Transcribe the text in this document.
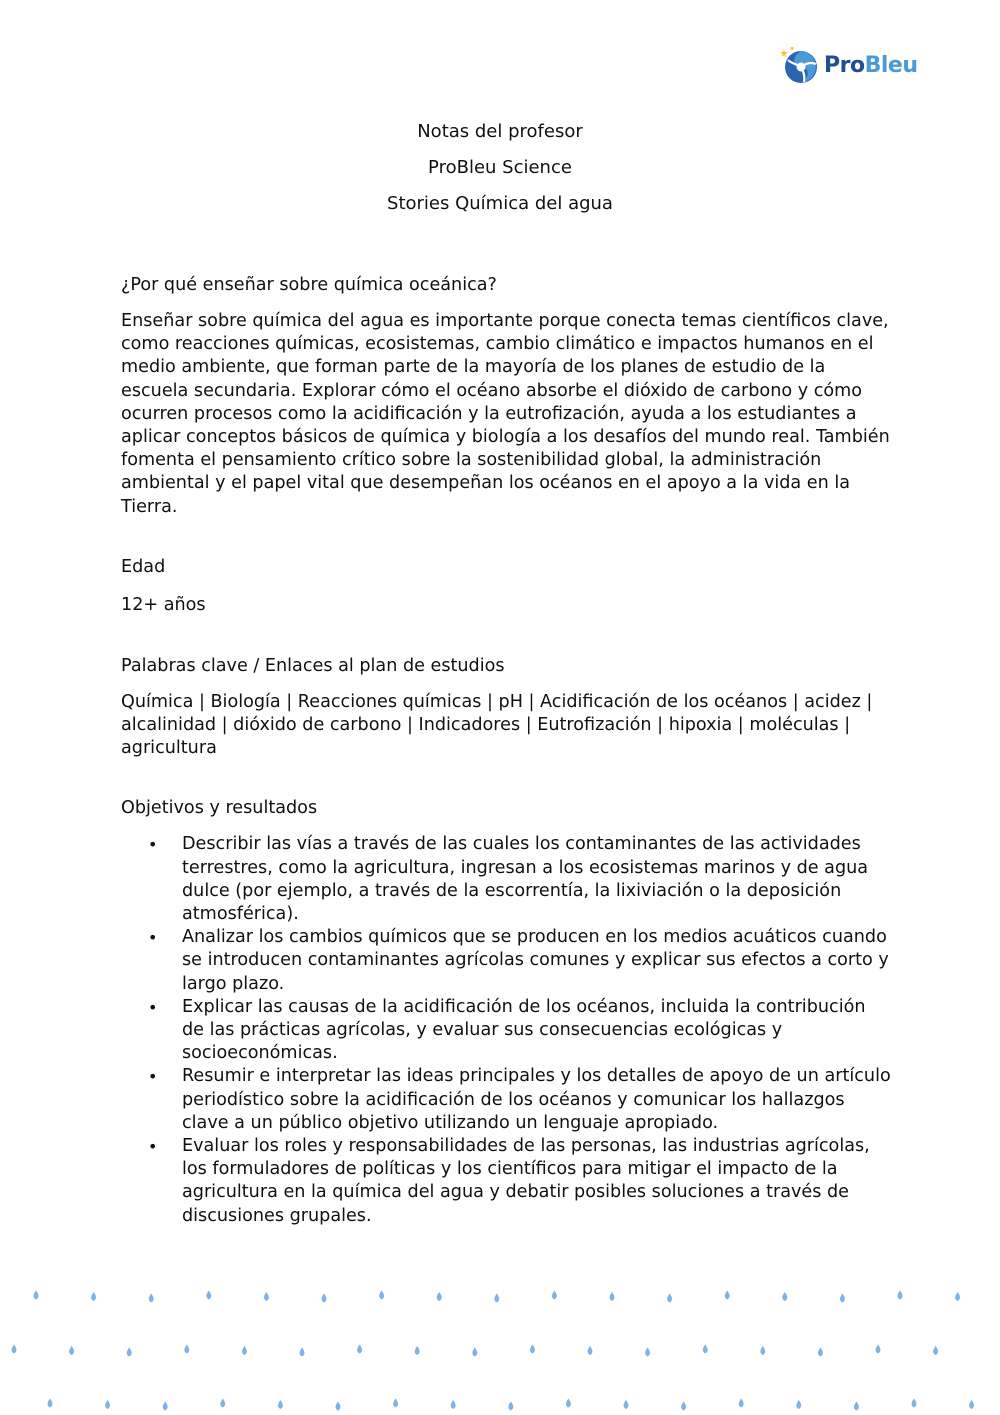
ProBleu
Notas del profesor
ProBleu Science
Stories Química del agua

¿Por qué enseñar sobre química oceánica?

Enseñar sobre química del agua es importante porque conecta temas científicos clave, como reacciones químicas, ecosistemas, cambio climático e impactos humanos en el medio ambiente, que forman parte de la mayoría de los planes de estudio de la escuela secundaria. Explorar cómo el océano absorbe el dióxido de carbono y cómo ocurren procesos como la acidificación y la eutrofización, ayuda a los estudiantes a aplicar conceptos básicos de química y biología a los desafíos del mundo real. También fomenta el pensamiento crítico sobre la sostenibilidad global, la administración ambiental y el papel vital que desempeñan los océanos en el apoyo a la vida en la Tierra.

Edad

12+ años

Palabras clave / Enlaces al plan de estudios

Química | Biología | Reacciones químicas | pH | Acidificación de los océanos | acidez | alcalinidad | dióxido de carbono | Indicadores | Eutrofización | hipoxia | moléculas | agricultura

Objetivos y resultados

• Describir las vías a través de las cuales los contaminantes de las actividades terrestres, como la agricultura, ingresan a los ecosistemas marinos y de agua dulce (por ejemplo, a través de la escorrentía, la lixiviación o la deposición atmosférica).
• Analizar los cambios químicos que se producen en los medios acuáticos cuando se introducen contaminantes agrícolas comunes y explicar sus efectos a corto y largo plazo.
• Explicar las causas de la acidificación de los océanos, incluida la contribución de las prácticas agrícolas, y evaluar sus consecuencias ecológicas y socioeconómicas.
• Resumir e interpretar las ideas principales y los detalles de apoyo de un artículo periodístico sobre la acidificación de los océanos y comunicar los hallazgos clave a un público objetivo utilizando un lenguaje apropiado.
• Evaluar los roles y responsabilidades de las personas, las industrias agrícolas, los formuladores de políticas y los científicos para mitigar el impacto de la agricultura en la química del agua y debatir posibles soluciones a través de discusiones grupales.
